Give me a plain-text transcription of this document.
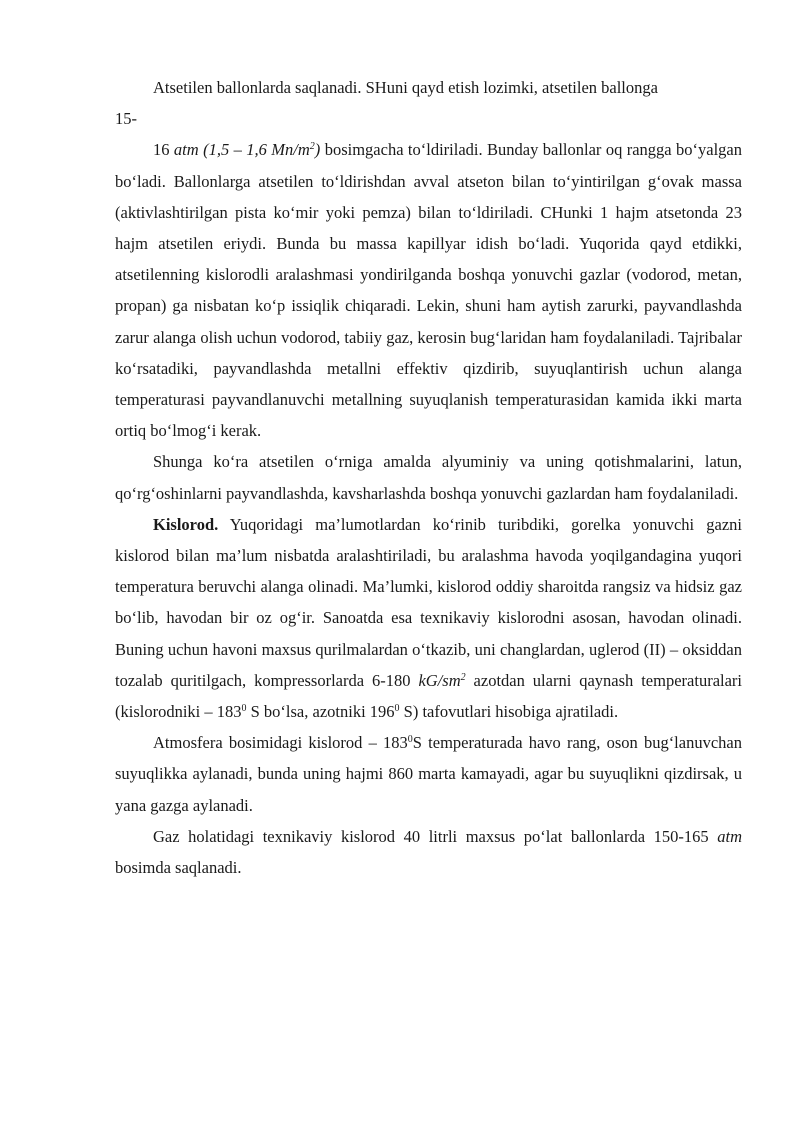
Atsetilen ballonlarda saqlanadi. SHuni qayd etish lozimki, atsetilen ballonga

15-

16 atm (1,5 – 1,6 $Mn/m^2$) bosimgacha to‘ldiriladi. Bunday ballonlar oq rangga bo‘yalgan bo‘ladi. Ballonlarga atsetilen to‘ldirishdan avval atseton bilan to‘yintirilgan g‘ovak massa (aktivlashtirilgan pista ko‘mir yoki pemza) bilan to‘ldiriladi. CHunki 1 hajm atsetonda 23 hajm atsetilen eriydi. Bunda bu massa kapillyar idish bo‘ladi. Yuqorida qayd etdikki, atsetilenning kislorodli aralashmasi yondirilganda boshqa yonuvchi gazlar (vodorod, metan, propan) ga nisbatan ko‘p issiqlik chiqaradi. Lekin, shuni ham aytish zarurki, payvandlashda zarur alanga olish uchun vodorod, tabiiy gaz, kerosin bug‘laridan ham foydalaniladi. Tajribalar ko‘rsatadiki, payvandlashda metallni effektiv qizdirib, suyuqlantirish uchun alanga temperaturasi payvandlanuvchi metallning suyuqlanish temperaturasidan kamida ikki marta ortiq bo‘lmog‘i kerak.

Shunga ko‘ra atsetilen o‘rniga amalda alyuminiy va uning qotishmalarini, latun, qo‘rg‘oshinlarni payvandlashda, kavsharlashda boshqa yonuvchi gazlardan ham foydalaniladi.

Kislorod. Yuqoridagi ma’lumotlardan ko‘rinib turibdiki, gorelka yonuvchi gazni kislorod bilan ma’lum nisbatda aralashtiriladi, bu aralashma havoda yoqilgandagina yuqori temperatura beruvchi alanga olinadi. Ma’lumki, kislorod oddiy sharoitda rangsiz va hidsiz gaz bo‘lib, havodan bir oz og‘ir. Sanoatda esa texnikaviy kislorodni asosan, havodan olinadi. Buning uchun havoni maxsus qurilmalardan o‘tkazib, uni changlardan, uglerod (II) – oksiddan tozalab quritilgach, kompressorlarda 6-180 $kG/sm^2$ azotdan ularni qaynash temperaturalari (kislorodniki – $183^0$ S bo‘lsa, azotniki $196^0$ S) tafovutlari hisobiga ajratiladi.

Atmosfera bosimidagi kislorod – $183^0S$ temperaturada havo rang, oson bug‘lanuvchan suyuqlikka aylanadi, bunda uning hajmi 860 marta kamayadi, agar bu suyuqlikni qizdirsak, u yana gazga aylanadi.

Gaz holatidagi texnikaviy kislorod 40 litrli maxsus po‘lat ballonlarda 150-165 atm bosimda saqlanadi.
